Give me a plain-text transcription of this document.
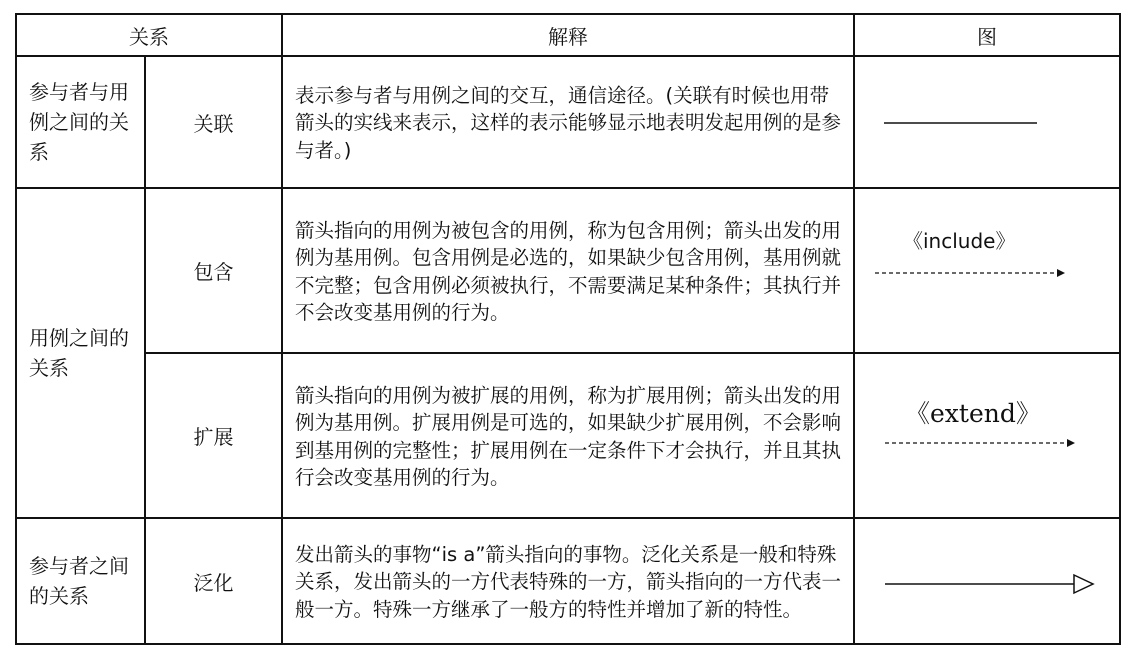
关系		解释	图
参与者与用例之间的关系	关联	表示参与者与用例之间的交互，通信途径。(关联有时候也用带箭头的实线来表示，这样的表示能够显示地表明发起用例的是参与者。)	

用例之间的关系	包含	箭头指向的用例为被包含的用例，称为包含用例；箭头出发的用例为基用例。包含用例是必选的，如果缺少包含用例，基用例就不完整；包含用例必须被执行，不需要满足某种条件；其执行并不会改变基用例的行为。	《include》

	扩展	箭头指向的用例为被扩展的用例，称为扩展用例；箭头出发的用例为基用例。扩展用例是可选的，如果缺少扩展用例，不会影响到基用例的完整性；扩展用例在一定条件下才会执行，并且其执行会改变基用例的行为。	《extend》

参与者之间的关系	泛化	发出箭头的事物“is a”箭头指向的事物。泛化关系是一般和特殊关系，发出箭头的一方代表特殊的一方，箭头指向的一方代表一般一方。特殊一方继承了一般方的特性并增加了新的特性。	
